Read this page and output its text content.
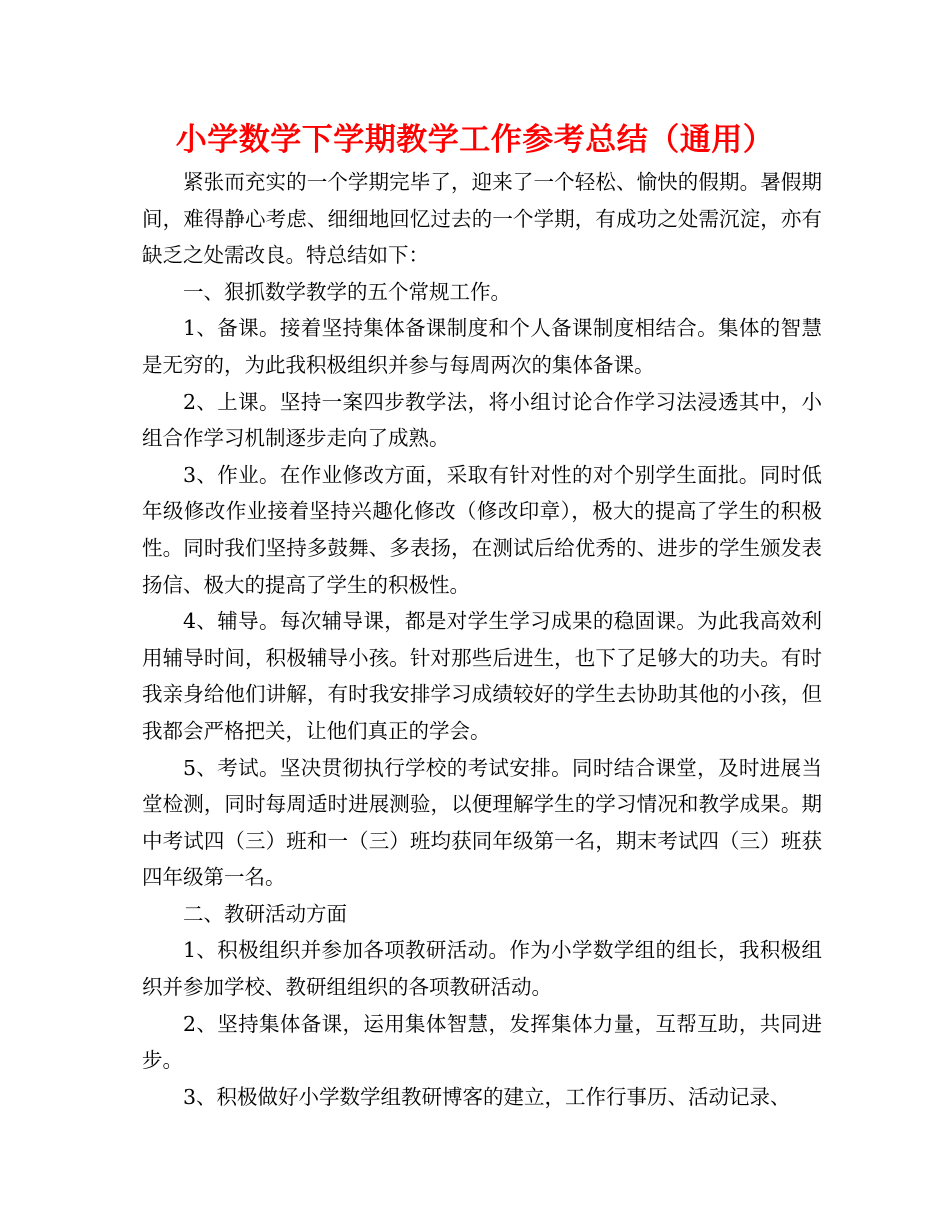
小学数学下学期教学工作参考总结（通用）

紧张而充实的一个学期完毕了，迎来了一个轻松、愉快的假期。暑假期间，难得静心考虑、细细地回忆过去的一个学期，有成功之处需沉淀，亦有缺乏之处需改良。特总结如下：

一、狠抓数学教学的五个常规工作。

1、备课。接着坚持集体备课制度和个人备课制度相结合。集体的智慧是无穷的，为此我积极组织并参与每周两次的集体备课。

2、上课。坚持一案四步教学法，将小组讨论合作学习法浸透其中，小组合作学习机制逐步走向了成熟。

3、作业。在作业修改方面，采取有针对性的对个别学生面批。同时低年级修改作业接着坚持兴趣化修改（修改印章），极大的提高了学生的积极性。同时我们坚持多鼓舞、多表扬，在测试后给优秀的、进步的学生颁发表扬信、极大的提高了学生的积极性。

4、辅导。每次辅导课，都是对学生学习成果的稳固课。为此我高效利用辅导时间，积极辅导小孩。针对那些后进生，也下了足够大的功夫。有时我亲身给他们讲解，有时我安排学习成绩较好的学生去协助其他的小孩，但我都会严格把关，让他们真正的学会。

5、考试。坚决贯彻执行学校的考试安排。同时结合课堂，及时进展当堂检测，同时每周适时进展测验，以便理解学生的学习情况和教学成果。期中考试四（三）班和一（三）班均获同年级第一名，期末考试四（三）班获四年级第一名。

二、教研活动方面

1、积极组织并参加各项教研活动。作为小学数学组的组长，我积极组织并参加学校、教研组组织的各项教研活动。

2、坚持集体备课，运用集体智慧，发挥集体力量，互帮互助，共同进步。

3、积极做好小学数学组教研博客的建立，工作行事历、活动记录、
